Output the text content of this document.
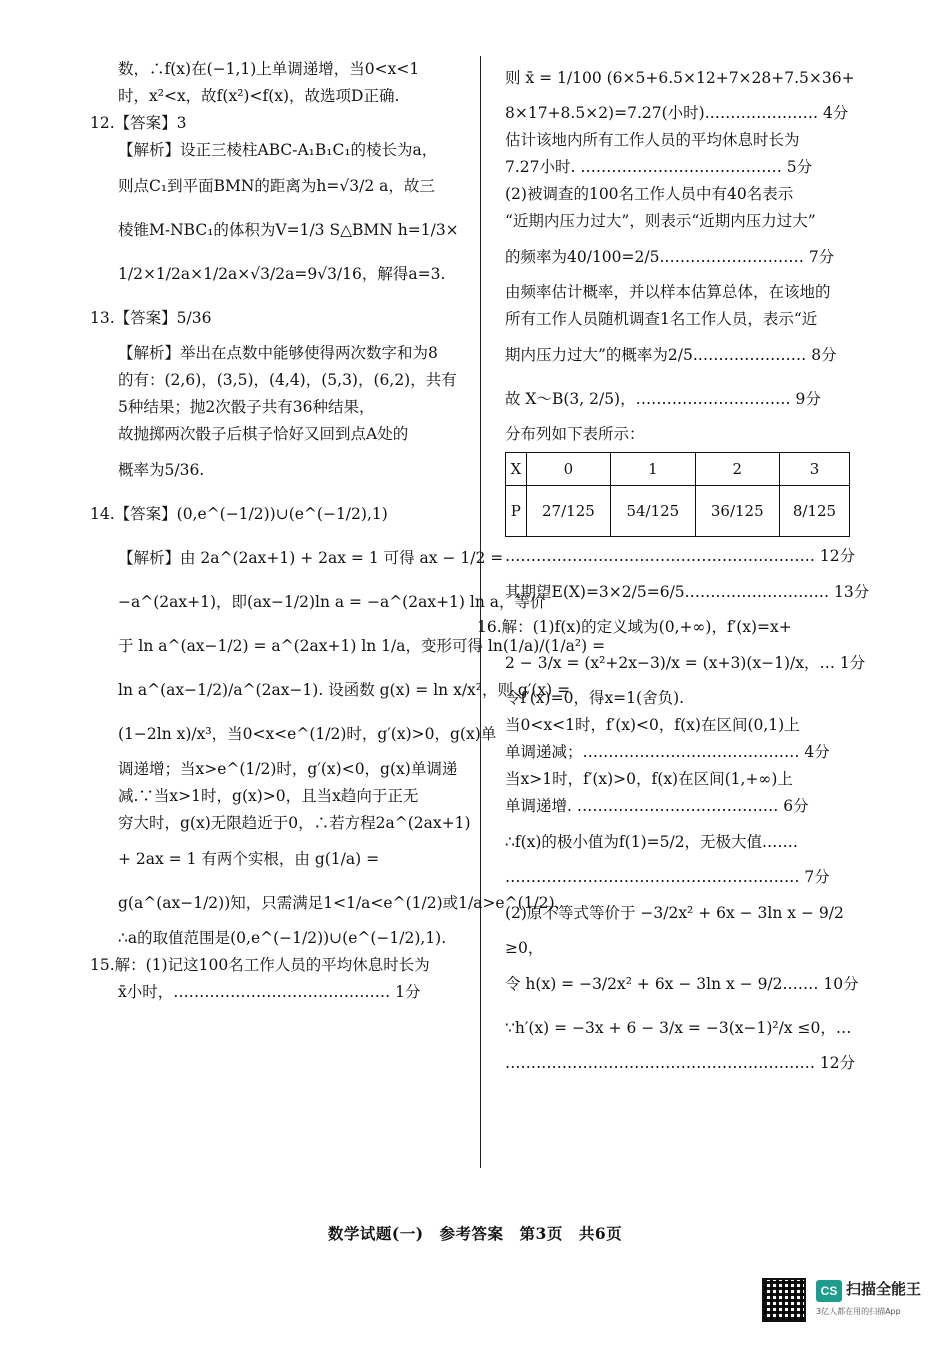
数，∴f(x)在(−1,1)上单调递增，当0<x<1
时，x²<x，故f(x²)<f(x)，故选项D正确.
12.【答案】3
【解析】设正三棱柱ABC-A₁B₁C₁的棱长为a，
则点C₁到平面BMN的距离为h=√3/2 a，故三
棱锥M-NBC₁的体积为V=1/3 S△BMN h=1/3×
1/2×1/2a×1/2a×√3/2a=9√3/16，解得a=3.
13.【答案】5/36
【解析】举出在点数中能够使得两次数字和为8
的有：(2,6)，(3,5)，(4,4)，(5,3)，(6,2)，共有
5种结果；抛2次骰子共有36种结果，
故抛掷两次骰子后棋子恰好又回到点A处的
概率为5/36.
14.【答案】(0,e^(−1/2))∪(e^(−1/2),1)
【解析】由 2a^(2ax+1) + 2ax = 1 可得 ax − 1/2 =
−a^(2ax+1)，即(ax−1/2)ln a = −a^(2ax+1) ln a，等价
于 ln a^(ax−1/2) = a^(2ax+1) ln 1/a，变形可得 ln(1/a)/(1/a²) =
ln a^(ax−1/2)/a^(2ax−1). 设函数 g(x) = ln x/x²，则 g′(x) =
(1−2ln x)/x³，当0<x<e^(1/2)时，g′(x)>0，g(x)单
调递增；当x>e^(1/2)时，g′(x)<0，g(x)单调递
减.∵当x>1时，g(x)>0，且当x趋向于正无
穷大时，g(x)无限趋近于0，∴若方程2a^(2ax+1)
+ 2ax = 1 有两个实根，由 g(1/a) =
g(a^(ax−1/2))知，只需满足1<1/a<e^(1/2)或1/a>e^(1/2)，
∴a的取值范围是(0,e^(−1/2))∪(e^(−1/2),1).
15.解：(1)记这100名工作人员的平均休息时长为
x̄小时，…………………………………… 1分
则 x̄ = 1/100 (6×5+6.5×12+7×28+7.5×36+
8×17+8.5×2)=7.27(小时).………………… 4分
估计该地内所有工作人员的平均休息时长为
7.27小时. ………………………………… 5分
(2)被调查的100名工作人员中有40名表示
“近期内压力过大”，则表示“近期内压力过大”
的频率为40/100=2/5.……………………… 7分
由频率估计概率，并以样本估算总体，在该地的
所有工作人员随机调查1名工作人员，表示“近
期内压力过大”的概率为2/5.………………… 8分
故 X～B(3, 2/5)，………………………… 9分
分布列如下表所示：
X	0	1	2	3
P	27/125	54/125	36/125	8/125
…………………………………………………… 12分
其期望E(X)=3×2/5=6/5.……………………… 13分
16.解：(1)f(x)的定义域为(0,+∞)，f′(x)=x+
2 − 3/x = (x²+2x−3)/x = (x+3)(x−1)/x，… 1分
令f′(x)=0，得x=1(舍负).
当0<x<1时，f′(x)<0，f(x)在区间(0,1)上
单调递减；…………………………………… 4分
当x>1时，f′(x)>0，f(x)在区间(1,+∞)上
单调递增. ………………………………… 6分
∴f(x)的极小值为f(1)=5/2，无极大值.……
………………………………………………… 7分
(2)原不等式等价于 −3/2x² + 6x − 3ln x − 9/2
≥0，
令 h(x) = −3/2x² + 6x − 3ln x − 9/2.…… 10分
∵h′(x) = −3x + 6 − 3/x = −3(x−1)²/x ≤0，…
…………………………………………………… 12分
数学试题(一)　参考答案　第3页　共6页
CS 扫描全能王
3亿人都在用的扫描App
